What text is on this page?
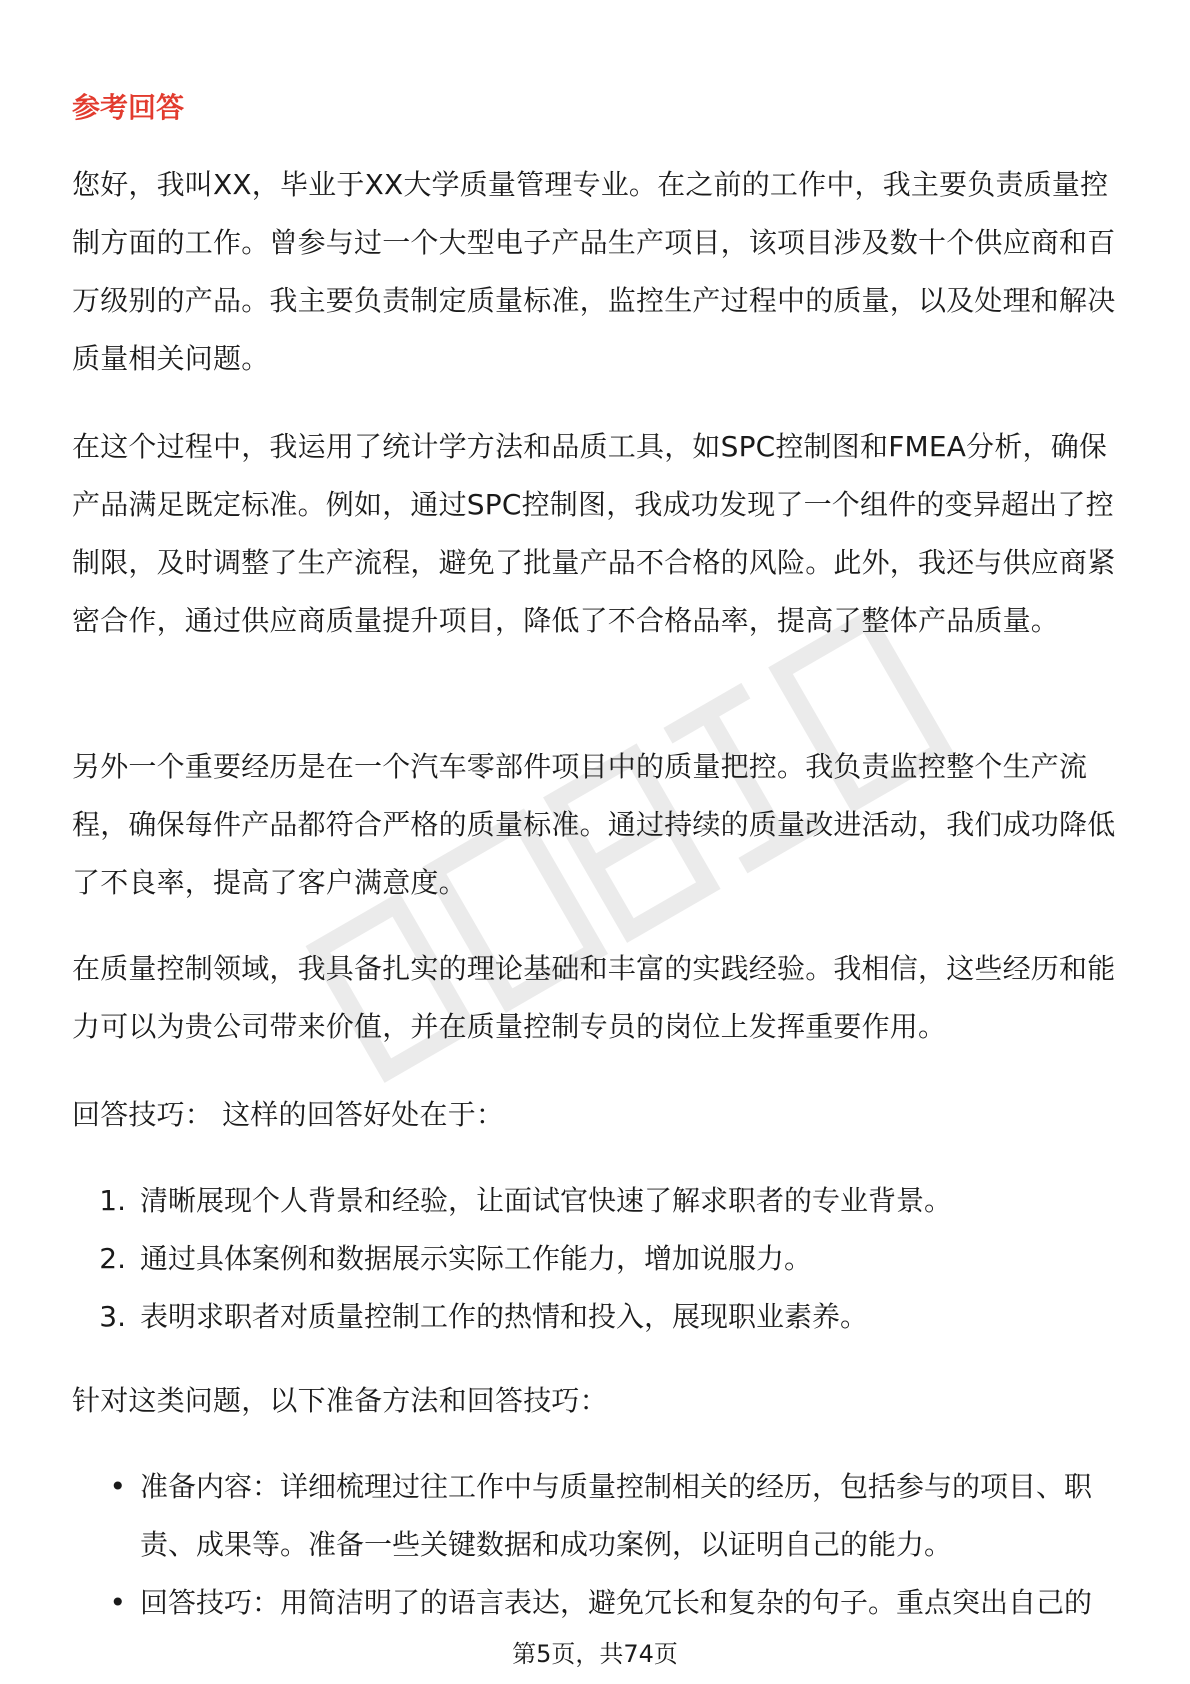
参考回答

您好，我叫XX，毕业于XX大学质量管理专业。在之前的工作中，我主要负责质量控制方面的工作。曾参与过一个大型电子产品生产项目，该项目涉及数十个供应商和百万级别的产品。我主要负责制定质量标准，监控生产过程中的质量，以及处理和解决质量相关问题。

在这个过程中，我运用了统计学方法和品质工具，如SPC控制图和FMEA分析，确保产品满足既定标准。例如，通过SPC控制图，我成功发现了一个组件的变异超出了控制限，及时调整了生产流程，避免了批量产品不合格的风险。此外，我还与供应商紧密合作，通过供应商质量提升项目，降低了不合格品率，提高了整体产品质量。

另外一个重要经历是在一个汽车零部件项目中的质量把控。我负责监控整个生产流程，确保每件产品都符合严格的质量标准。通过持续的质量改进活动，我们成功降低了不良率，提高了客户满意度。

在质量控制领域，我具备扎实的理论基础和丰富的实践经验。我相信，这些经历和能力可以为贵公司带来价值，并在质量控制专员的岗位上发挥重要作用。

回答技巧： 这样的回答好处在于：

1. 清晰展现个人背景和经验，让面试官快速了解求职者的专业背景。
2. 通过具体案例和数据展示实际工作能力，增加说服力。
3. 表明求职者对质量控制工作的热情和投入，展现职业素养。

针对这类问题，以下准备方法和回答技巧：

• 准备内容：详细梳理过往工作中与质量控制相关的经历，包括参与的项目、职责、成果等。准备一些关键数据和成功案例，以证明自己的能力。
• 回答技巧：用简洁明了的语言表达，避免冗长和复杂的句子。重点突出自己的
第5页，共74页
